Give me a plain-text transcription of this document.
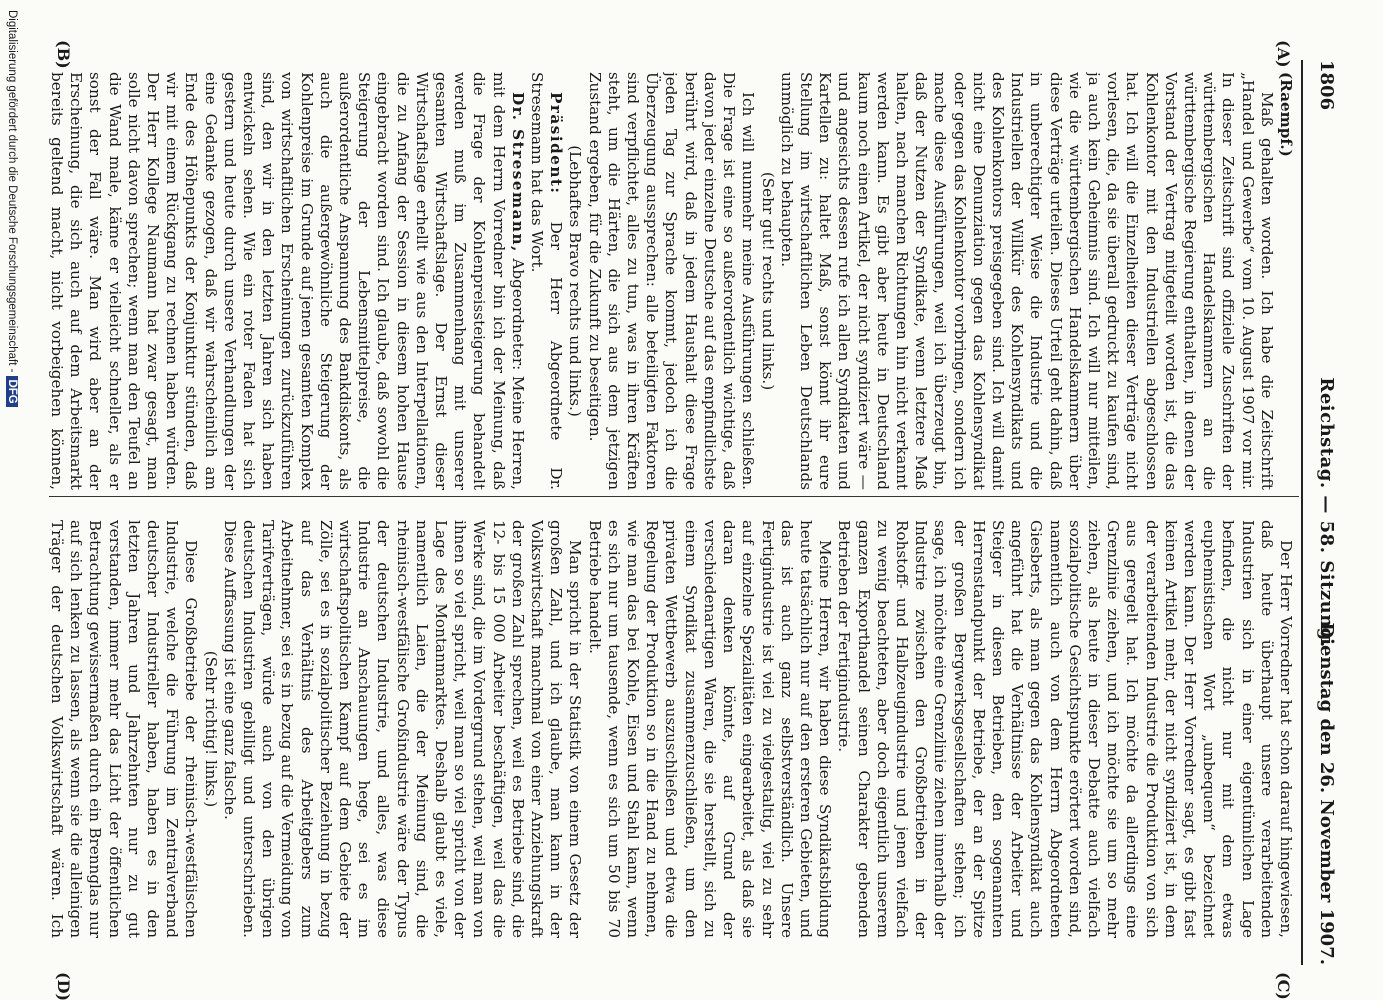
1806
Reichstag. — 58. Sitzung.
Dienstag den 26. November 1907.
(A)
(B)
(C)
(D)

(Raempf.)

Maß gehalten worden. Ich habe die Zeitschrift „Handel und Gewerbe“ vom 10. August 1907 vor mir. In dieser Zeitschrift sind offizielle Zuschriften der württembergischen Handelskammern an die württembergische Regierung enthalten, in denen der Vorstand der Vertrag mitgeteilt worden ist, die das Kohlenkontor mit den Industriellen abgeschlossen hat. Ich will die Einzelheiten dieser Verträge nicht vorlesen, die, da sie überall gedruckt zu kaufen sind, ja auch kein Geheimnis sind. Ich will nur mitteilen, wie die württembergischen Handelskammern über diese Verträge urteilen. Dieses Urteil geht dahin, daß in unberechtigter Weise die Industrie und die Industriellen der Willkür des Kohlensyndikats und des Kohlenkontors preisgegeben sind. Ich will damit nicht eine Denunziation gegen das Kohlensyndikat oder gegen das Kohlenkontor vorbringen, sondern ich mache diese Ausführungen, weil ich überzeugt bin, daß der Nutzen der Syndikate, wenn letztere Maß halten, nach manchen Richtungen hin nicht verkannt werden kann. Es gibt aber heute in Deutschland kaum noch einen Artikel, der nicht syndiziert wäre — und angesichts dessen rufe ich allen Syndikaten und Kartellen zu: haltet Maß, sonst könnt ihr eure Stellung im wirtschaftlichen Leben Deutschlands unmöglich zu behaupten.

(Sehr gut! rechts und links.)

Ich will nunmehr meine Ausführungen schließen. Die Frage ist eine so außerordentlich wichtige, daß davon jeder einzelne Deutsche auf das empfindlichste berührt wird, daß in jedem Haushalt diese Frage jeden Tag zur Sprache kommt, jedoch ich die Überzeugung aussprechen: alle beteiligten Faktoren sind verpflichtet, alles zu tun, was in ihren Kräften steht, um die Härten, die sich aus dem jetzigen Zustand ergeben, für die Zukunft zu beseitigen.

(Lebhaftes Bravo rechts und links.)

Präsident: Der Herr Abgeordnete Dr. Stresemann hat das Wort.

Dr. Stresemann, Abgeordneter: Meine Herren, mit dem Herrn Vorredner bin ich der Meinung, daß die Frage der Kohlenpreissteigerung behandelt werden muß im Zusammenhang mit unserer gesamten Wirtschaftslage. Der Ernst dieser Wirtschaftslage erhellt wie aus den Interpellationen, die zu Anfang der Session in diesem hohen Hause eingebracht worden sind. Ich glaube, daß sowohl die Steigerung der Lebensmittelpreise, die außerordentliche Anspannung des Bankdiskonts, als auch die außergewöhnliche Steigerung der Kohlenpreise im Grunde auf jenen gesamten Komplex von wirtschaftlichen Erscheinungen zurückzuführen sind, den wir in den letzten Jahren sich haben entwickeln sehen. Wie ein roter Faden hat sich gestern und heute durch unsere Verhandlungen der eine Gedanke gezogen, daß wir wahrscheinlich am Ende des Höhepunkts der Konjunktur stünden, daß wir mit einem Rückgang zu rechnen haben würden. Der Herr Kollege Naumann hat zwar gesagt, man solle nicht davon sprechen; wenn man den Teufel an die Wand male, käme er vielleicht schneller, als er sonst der Fall wäre. Man wird aber an der Erscheinung, die sich auch auf dem Arbeitsmarkt bereits geltend macht, nicht vorbeigehen können,

Der Herr Vorredner hat schon darauf hingewiesen, daß heute überhaupt unsere verarbeitenden Industrien sich in einer eigentümlichen Lage befinden, die nicht nur mit dem etwas euphemistischen Wort „unbequem“ bezeichnet werden kann. Der Herr Vorredner sagt, es gibt fast keinen Artikel mehr, der nicht syndiziert ist, in dem der verarbeitenden Industrie die Produktion von sich aus geregelt hat. Ich möchte da allerdings eine Grenzlinie ziehen, und ich möchte sie um so mehr ziehen, als heute in dieser Debatte auch vielfach sozialpolitische Gesichtspunkte erörtert worden sind, namentlich auch von dem Herrn Abgeordneten Giesberts, als man gegen das Kohlensyndikat auch angeführt hat die Verhältnisse der Arbeiter und Steiger in diesen Betrieben, den sogenannten Herrenstandpunkt der Betriebe, der an der Spitze der großen Bergwerksgesellschaften stehen; ich sage, ich möchte eine Grenzlinie ziehen innerhalb der Industrie zwischen den Großbetrieben in der Rohstoff- und Halbzeugindustrie und jenen vielfach zu wenig beachteten, aber doch eigentlich unserem ganzen Exporthandel seinen Charakter gebenden Betrieben der Fertigindustrie.

Meine Herren, wir haben diese Syndikatsbildung heute tatsächlich nur auf den ersteren Gebieten, und das ist auch ganz selbstverständlich. Unsere Fertigindustrie ist viel zu vielgestaltig, viel zu sehr auf einzelne Spezialitäten eingearbeitet, als daß sie daran denken könnte, auf Grund der verschiedenartigen Waren, die sie herstellt, sich zu einem Syndikat zusammenzuschließen, um den privaten Wettbewerb auszuschließen und etwa die Regelung der Produktion so in die Hand zu nehmen, wie man das bei Kohle, Eisen und Stahl kann, wenn es sich nur um tausende, wenn es sich um 50 bis 70 Betriebe handelt.

Man spricht in der Statistik von einem Gesetz der großen Zahl, und ich glaube, man kann in der Volkswirtschaft manchmal von einer Anziehungskraft der großen Zahl sprechen, weil es Betriebe sind, die 12- bis 15 000 Arbeiter beschäftigen, weil das die Werke sind, die im Vordergrund stehen, weil man von ihnen so viel spricht, weil man so viel spricht von der Lage des Montanmarktes. Deshalb glaubt es viele, namentlich Laien, die der Meinung sind, die rheinisch-westfälische Großindustrie wäre der Typus der deutschen Industrie, und alles, was diese Industrie an Anschauungen hege, sei es im wirtschaftspolitischen Kampf auf dem Gebiete der Zölle, sei es in sozialpolitischer Beziehung in bezug auf das Verhältnis des Arbeitgebers zum Arbeitnehmer, sei es in bezug auf die Vermeidung von Tarifverträgen, würde auch von den übrigen deutschen Industrien gebilligt und unterschrieben. Diese Auffassung ist eine ganz falsche.

(Sehr richtig! links.)

Diese Großbetriebe der rheinisch-westfälischen Industrie, welche die Führung im Zentralverband deutscher Industrieller haben, haben es in den letzten Jahren und Jahrzehnten nur zu gut verstanden, immer mehr das Licht der öffentlichen Betrachtung gewissermaßen durch ein Brennglas nur auf sich lenken zu lassen, als wenn sie die alleinigen Träger der deutschen Volkswirtschaft wären. Ich

Digitalisierung gefördert durch die Deutsche Forschungsgemeinschaft -DFG
